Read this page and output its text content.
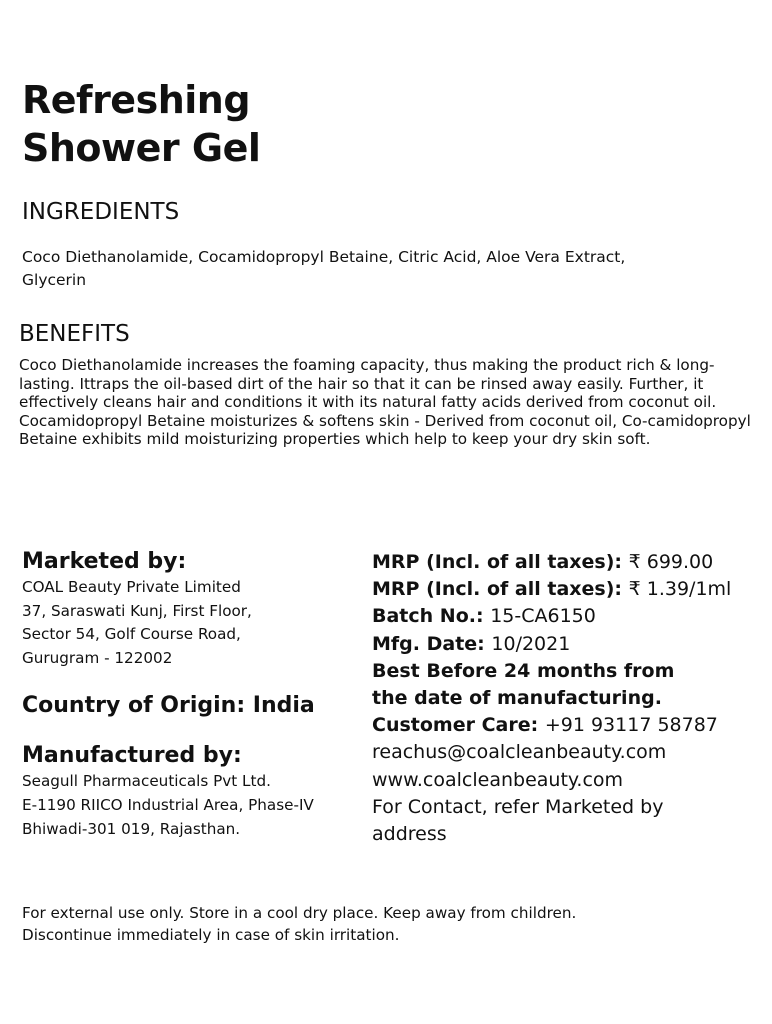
Refreshing
Shower Gel
INGREDIENTS
Coco Diethanolamide, Cocamidopropyl Betaine, Citric Acid, Aloe Vera Extract, Glycerin
BENEFITS

Coco Diethanolamide increases the foaming capacity, thus making the product rich & long-lasting. Ittraps the oil-based dirt of the hair so that it can be rinsed away easily. Further, it effectively cleans hair and conditions it with its natural fatty acids derived from coconut oil.

Cocamidopropyl Betaine moisturizes & softens skin - Derived from coconut oil, Co-camidopropyl Betaine exhibits mild moisturizing properties which help to keep your dry skin soft.

Marketed by:
COAL Beauty Private Limited
37, Saraswati Kunj, First Floor,
Sector 54, Golf Course Road,
Gurugram - 122002
Country of Origin: India
Manufactured by:
Seagull Pharmaceuticals Pvt Ltd.
E-1190 RIICO Industrial Area, Phase-IV
Bhiwadi-301 019, Rajasthan.
MRP (Incl. of all taxes): ₹ 699.00
MRP (Incl. of all taxes): ₹ 1.39/1ml
Batch No.: 15-CA6150
Mfg. Date: 10/2021
Best Before 24 months from
the date of manufacturing.
Customer Care: +91 93117 58787
reachus@coalcleanbeauty.com
www.coalcleanbeauty.com
For Contact, refer Marketed by
address
For external use only. Store in a cool dry place. Keep away from children.
Discontinue immediately in case of skin irritation.
